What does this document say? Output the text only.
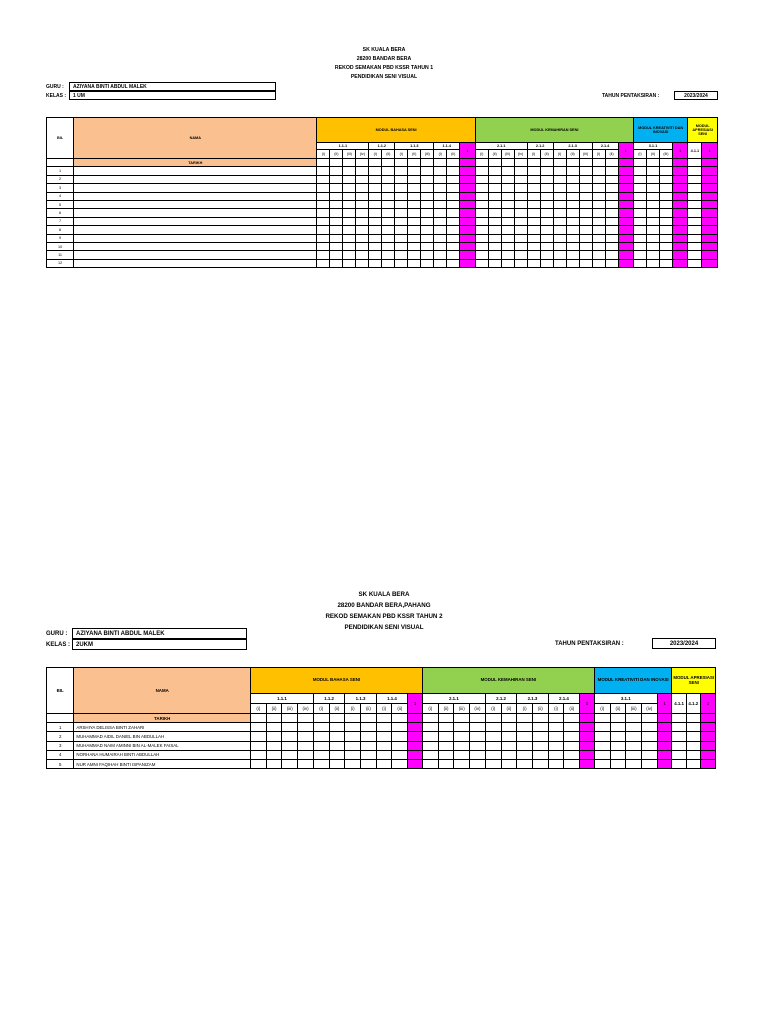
SK KUALA BERA
28200 BANDAR BERA
REKOD SEMAKAN PBD KSSR TAHUN 1
PENDIDIKAN SENI VISUAL
GURU :	AZIYANA BINTI ABDUL MALEK
KELAS :	1 UM	TAHUN PENTAKSIRAN :	2023/2024
BIL	NAMA	MODUL BAHASA SENI												MODUL KEMAHIRAN SENI												MODUL KREATIVITI DAN INOVASI				MODUL APRESIASI SENI	
		1.1.1				1.1.2		1.1.3			1.1.4		1	2.1.1				2.1.2		2.1.3			2.1.4		1	3.1.1			1	4.1.1	1
		(i)	(ii)	(iii)	(iv)	(i)	(ii)	(i)	(ii)	(iii)	(i)	(ii)		(i)	(ii)	(iii)	(iv)	(i)	(ii)	(i)	(ii)	(iii)	(i)	(ii)		(i)	(ii)	(iii)			
	TARIKH																														
1																															
2																															
3																															
4																															
5																															
6																															
7																															
8																															
9																															
10																															
11																															
12																															
SK KUALA BERA
28200 BANDAR BERA,PAHANG
REKOD SEMAKAN PBD KSSR TAHUN 2
PENDIDIKAN SENI VISUAL
GURU :	AZIYANA BINTI ABDUL MALEK
KELAS :	2UKM	TAHUN PENTAKSIRAN :	2023/2024
BIL	NAMA	MODUL BAHASA SENI											MODUL KEMAHIRAN SENI											MODUL KREATIVITI DAN INOVASI					MODUL APRESIASI SENI		
		1.1.1				1.1.2		1.1.3		1.1.4		1	2.1.1				2.1.2		2.1.3		2.1.4		1	3.1.1				1	4.1.1	4.1.2	1
		(i)	(ii)	(iii)	(iv)	(i)	(ii)	(i)	(ii)	(i)	(ii)		(i)	(ii)	(iii)	(iv)	(i)	(ii)	(i)	(ii)	(i)	(ii)		(i)	(ii)	(iii)	(iv)				
	TARIKH																														
1	ARSHIYA DELISSA BINTI ZAHARI																														
2	MUHAMMAD AIDIL DANIEL BIN ABDULLAH																														
3	MUHAMMAD NAIM AMINNI BIN AL-MALEK FAISAL																														
4	NORHANA HUMAIRAH BINTI ABDULLAH																														
5	NUR AMNI FAQIHAH BINTI ISPANIZAM																														
